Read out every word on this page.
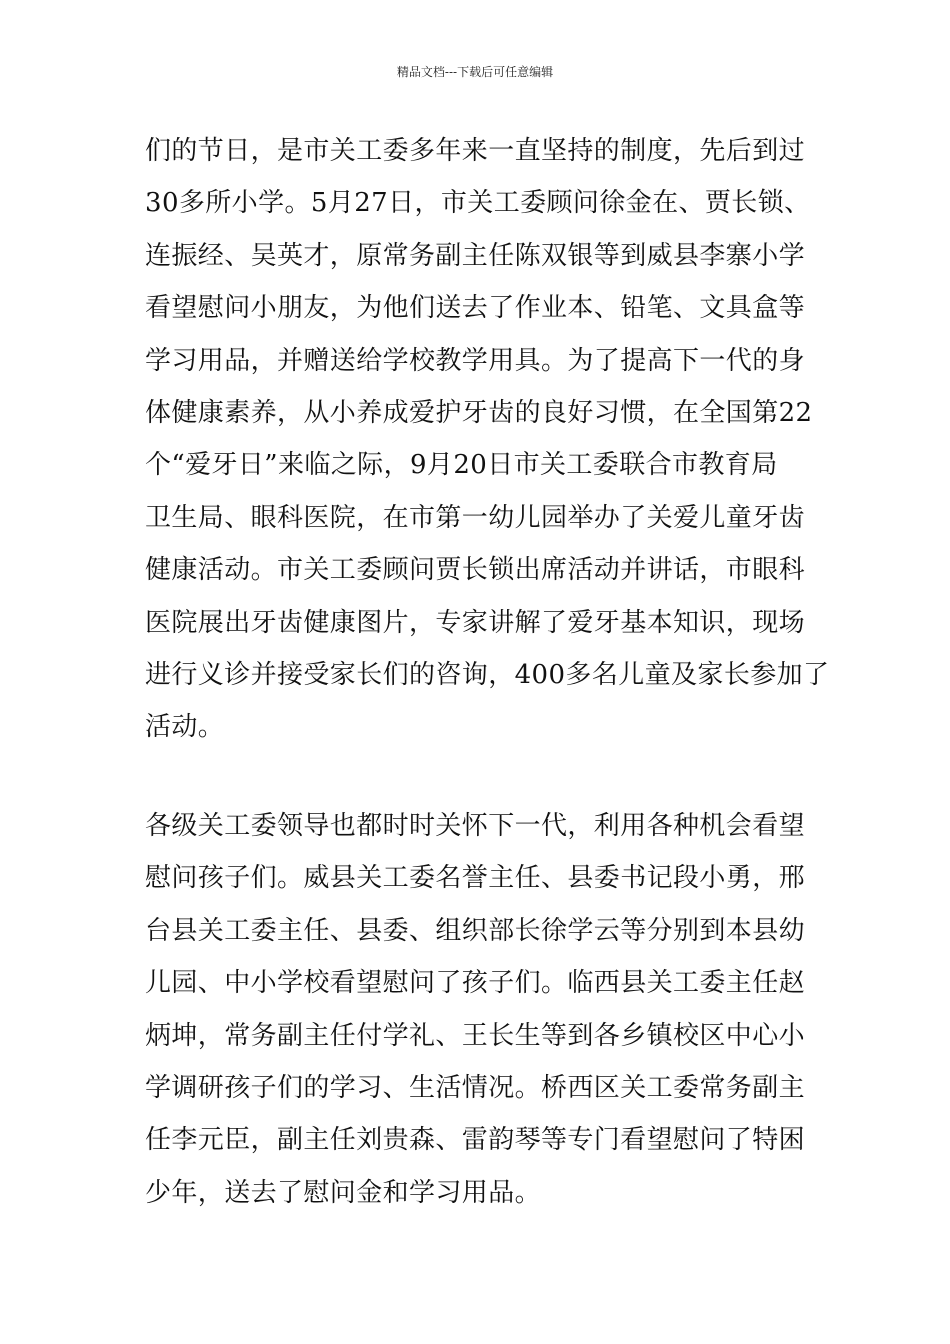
精品文档---下载后可任意编辑
们的节日，是市关工委多年来一直坚持的制度，先后到过
30多所小学。5月27日，市关工委顾问徐金在、贾长锁、
连振经、吴英才，原常务副主任陈双银等到威县李寨小学
看望慰问小朋友，为他们送去了作业本、铅笔、文具盒等
学习用品，并赠送给学校教学用具。为了提高下一代的身
体健康素养，从小养成爱护牙齿的良好习惯，在全国第22
个“爱牙日”来临之际，9月20日市关工委联合市教育局
卫生局、眼科医院，在市第一幼儿园举办了关爱儿童牙齿
健康活动。市关工委顾问贾长锁出席活动并讲话，市眼科
医院展出牙齿健康图片，专家讲解了爱牙基本知识，现场
进行义诊并接受家长们的咨询，400多名儿童及家长参加了
活动。
各级关工委领导也都时时关怀下一代，利用各种机会看望
慰问孩子们。威县关工委名誉主任、县委书记段小勇，邢
台县关工委主任、县委、组织部长徐学云等分别到本县幼
儿园、中小学校看望慰问了孩子们。临西县关工委主任赵
炳坤，常务副主任付学礼、王长生等到各乡镇校区中心小
学调研孩子们的学习、生活情况。桥西区关工委常务副主
任李元臣，副主任刘贵森、雷韵琴等专门看望慰问了特困
少年，送去了慰问金和学习用品。
